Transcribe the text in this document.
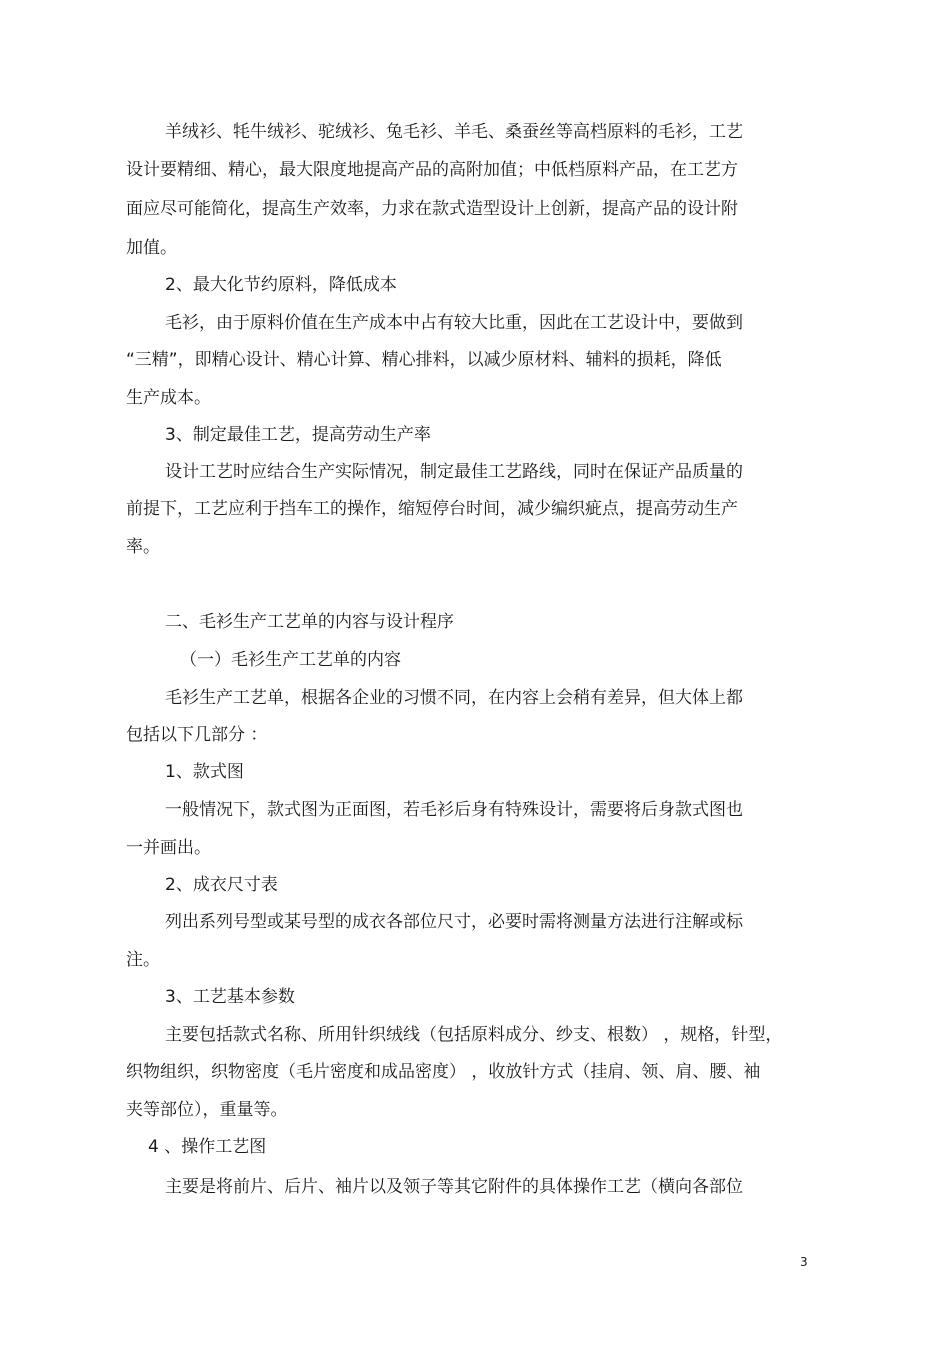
羊绒衫、牦牛绒衫、驼绒衫、兔毛衫、羊毛、桑蚕丝等高档原料的毛衫，工艺
设计要精细、精心，最大限度地提高产品的高附加值；中低档原料产品，在工艺方
面应尽可能简化，提高生产效率，力求在款式造型设计上创新，提高产品的设计附
加值。
2、最大化节约原料，降低成本
毛衫，由于原料价值在生产成本中占有较大比重，因此在工艺设计中，要做到
“三精”，即精心设计、精心计算、精心排料，以减少原材料、辅料的损耗，降低
生产成本。
3、制定最佳工艺，提高劳动生产率
设计工艺时应结合生产实际情况，制定最佳工艺路线，同时在保证产品质量的
前提下，工艺应利于挡车工的操作，缩短停台时间，减少编织疵点，提高劳动生产
率。
二、毛衫生产工艺单的内容与设计程序
（一）毛衫生产工艺单的内容
毛衫生产工艺单，根据各企业的习惯不同，在内容上会稍有差异，但大体上都
包括以下几部分 ：
1、款式图
一般情况下，款式图为正面图，若毛衫后身有特殊设计，需要将后身款式图也
一并画出。
2、成衣尺寸表
列出系列号型或某号型的成衣各部位尺寸，必要时需将测量方法进行注解或标
注。
3、工艺基本参数
主要包括款式名称、所用针织绒线（包括原料成分、纱支、根数） ，规格，针型，
织物组织，织物密度（毛片密度和成品密度） ，收放针方式（挂肩、领、肩、腰、袖
夹等部位），重量等。
4 、操作工艺图
主要是将前片、后片、袖片以及领子等其它附件的具体操作工艺（横向各部位
3
